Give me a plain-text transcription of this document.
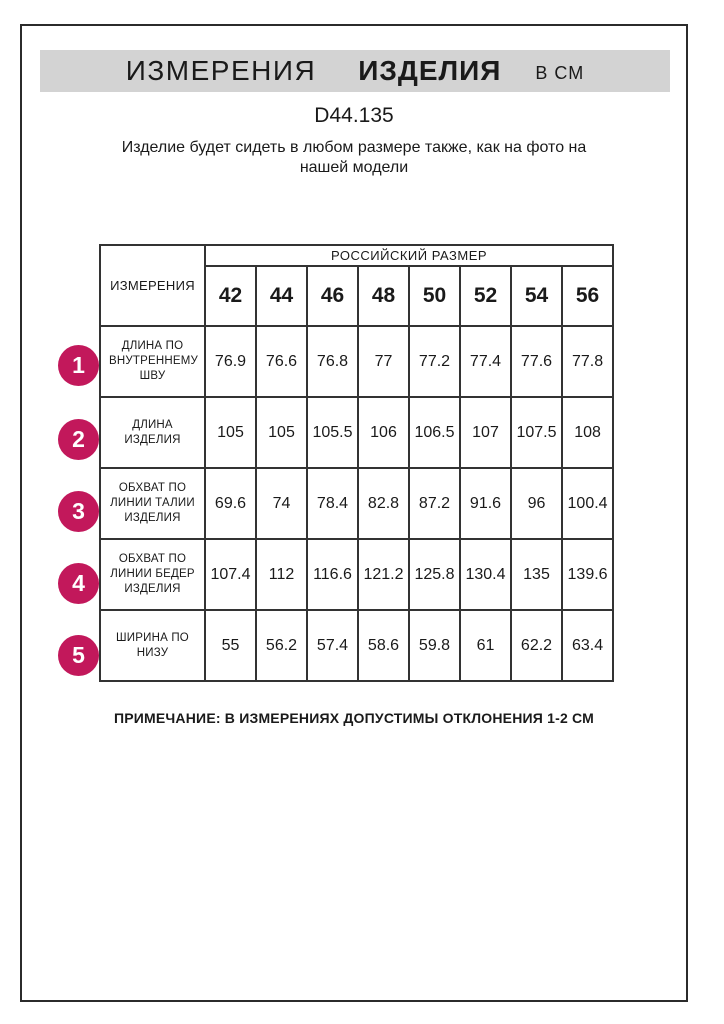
ИЗМЕРЕНИЯ ИЗДЕЛИЯ В СМ
D44.135
Изделие будет сидеть в любом размере также, как на фото на нашей модели
ИЗМЕРЕНИЯ	РОССИЙСКИЙ РАЗМЕР							
	42	44	46	48	50	52	54	56
ДЛИНА ПО ВНУТРЕННЕМУ ШВУ	76.9	76.6	76.8	77	77.2	77.4	77.6	77.8
ДЛИНА ИЗДЕЛИЯ	105	105	105.5	106	106.5	107	107.5	108
ОБХВАТ ПО ЛИНИИ ТАЛИИ ИЗДЕЛИЯ	69.6	74	78.4	82.8	87.2	91.6	96	100.4
ОБХВАТ ПО ЛИНИИ БЕДЕР ИЗДЕЛИЯ	107.4	112	116.6	121.2	125.8	130.4	135	139.6
ШИРИНА ПО НИЗУ	55	56.2	57.4	58.6	59.8	61	62.2	63.4
1
2
3
4
5
ПРИМЕЧАНИЕ: В ИЗМЕРЕНИЯХ ДОПУСТИМЫ ОТКЛОНЕНИЯ 1-2 СМ
